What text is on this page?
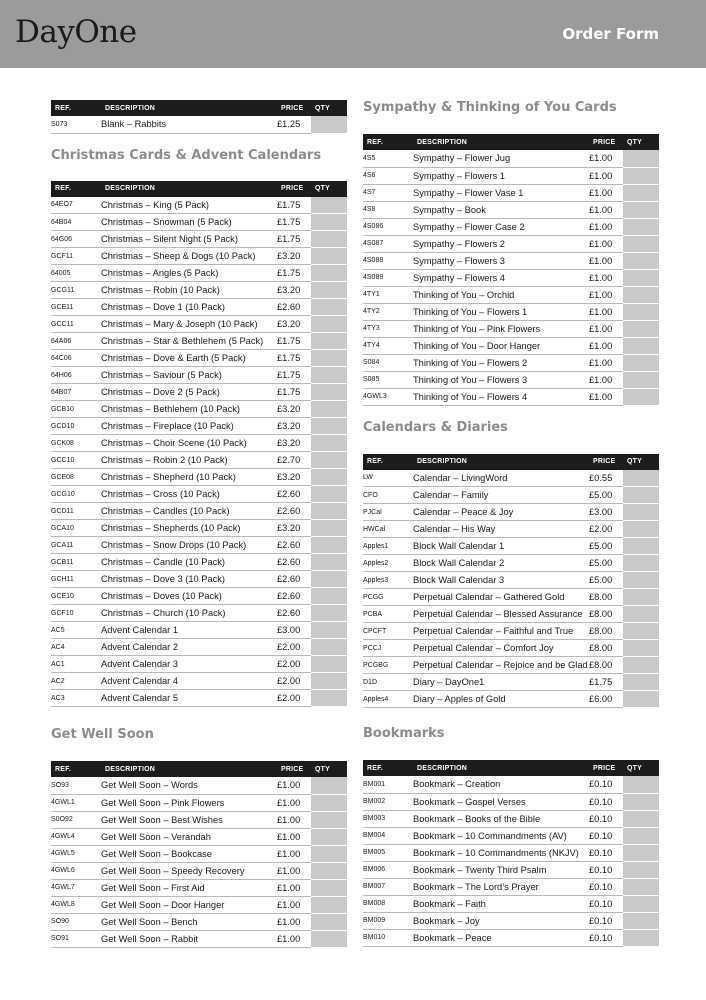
DayOne	Order Form
REF.	DESCRIPTION	PRICE	QTY
S073	Blank – Rabbits	£1.25	
Christmas Cards & Advent Calendars
REF.	DESCRIPTION	PRICE	QTY
64EO7	Christmas – King (5 Pack)	£1.75	
64B04	Christmas – Snowman (5 Pack)	£1.75	
64G06	Christmas – Silent Night (5 Pack)	£1.75	
GCF11	Christmas – Sheep & Dogs (10 Pack)	£3.20	
64005	Christmas – Angles (5 Pack)	£1.75	
GCG11	Christmas – Robin (10 Pack)	£3.20	
GCE11	Christmas – Dove 1 (10 Pack)	£2.60	
GCC11	Christmas – Mary & Joseph (10 Pack)	£3.20	
64A06	Christmas – Star & Bethlehem (5 Pack)	£1.75	
64C06	Christmas – Dove & Earth (5 Pack)	£1.75	
64H06	Christmas – Saviour (5 Pack)	£1.75	
64B07	Christmas – Dove 2 (5 Pack)	£1.75	
GCB10	Christmas – Bethlehem (10 Pack)	£3.20	
GCD10	Christmas – Fireplace (10 Pack)	£3.20	
GCK08	Christmas – Choir Scene (10 Pack)	£3.20	
GCC10	Christmas – Robin 2 (10 Pack)	£2.70	
GCE08	Christmas – Shepherd (10 Pack)	£3.20	
GCG10	Christmas – Cross (10 Pack)	£2.60	
GCD11	Christmas – Candles (10 Pack)	£2.60	
GCA10	Christmas – Shepherds (10 Pack)	£3.20	
GCA11	Christmas – Snow Drops (10 Pack)	£2.60	
GCB11	Christmas – Candle (10 Pack)	£2.60	
GCH11	Christmas – Dove 3 (10 Pack)	£2.60	
GCE10	Christmas – Doves (10 Pack)	£2.60	
GCF10	Christmas – Church (10 Pack)	£2.60	
AC5	Advent Calendar 1	£3.00	
AC4	Advent Calendar 2	£2.00	
AC1	Advent Calendar 3	£2.00	
AC2	Advent Calendar 4	£2.00	
AC3	Advent Calendar 5	£2.00	
Get Well Soon
REF.	DESCRIPTION	PRICE	QTY
SO93	Get Well Soon – Words	£1.00	
4GWL1	Get Well Soon – Pink Flowers	£1.00	
S0O92	Get Well Soon – Best Wishes	£1.00	
4GWL4	Get Well Soon – Verandah	£1.00	
4GWL5	Get Well Soon – Bookcase	£1.00	
4GWL6	Get Well Soon – Speedy Recovery	£1.00	
4GWL7	Get Well Soon – First Aid	£1.00	
4GWL8	Get Well Soon – Door Hanger	£1.00	
SO90	Get Well Soon – Bench	£1.00	
SO91	Get Well Soon – Rabbit	£1.00	
Sympathy & Thinking of You Cards
REF.	DESCRIPTION	PRICE	QTY
4S5	Sympathy – Flower Jug	£1.00	
4S6	Sympathy – Flowers 1	£1.00	
4S7	Sympathy – Flower Vase 1	£1.00	
4S8	Sympathy – Book	£1.00	
4S086	Sympathy – Flower Case 2	£1.00	
4S087	Sympathy – Flowers 2	£1.00	
4S088	Sympathy – Flowers 3	£1.00	
4S089	Sympathy – Flowers 4	£1.00	
4TY1	Thinking of You – Orchid	£1.00	
4TY2	Thinking of You – Flowers 1	£1.00	
4TY3	Thinking of You – Pink Flowers	£1.00	
4TY4	Thinking of You – Door Hanger	£1.00	
S084	Thinking of You – Flowers 2	£1.00	
S085	Thinking of You – Flowers 3	£1.00	
4GWL3	Thinking of You – Flowers 4	£1.00	
Calendars & Diaries
REF.	DESCRIPTION	PRICE	QTY
LW	Calendar – LivingWord	£0.55	
CFO	Calendar – Family	£5.00	
PJCal	Calendar – Peace & Joy	£3.00	
HWCal	Calendar – His Way	£2.00	
Apples1	Block Wall Calendar 1	£5.00	
Apples2	Block Wall Calendar 2	£5.00	
Apples3	Block Wall Calendar 3	£5.00	
PCGG	Perpetual Calendar – Gathered Gold	£8.00	
PCBA	Perpetual Calendar – Blessed Assurance	£8.00	
CPCFT	Perpetual Calendar – Faithful and True	£8.00	
PCCJ	Perpetual Calendar – Comfort Joy	£8.00	
PCGBG	Perpetual Calendar – Rejoice and be Glad	£8.00	
D1D	Diary – DayOne1	£1.75	
Apples4	Diary – Apples of Gold	£6.00	
Bookmarks
REF.	DESCRIPTION	PRICE	QTY
BM001	Bookmark – Creation	£0.10	
BM002	Bookmark – Gospel Verses	£0.10	
BM003	Bookmark – Books of the Bible	£0.10	
BM004	Bookmark – 10 Commandments (AV)	£0.10	
BM005	Bookmark – 10 Commandments (NKJV)	£0.10	
BM006	Bookmark – Twenty Third Psalm	£0.10	
BM007	Bookmark – The Lord’s Prayer	£0.10	
BM008	Bookmark – Faith	£0.10	
BM009	Bookmark – Joy	£0.10	
BM010	Bookmark – Peace	£0.10	
